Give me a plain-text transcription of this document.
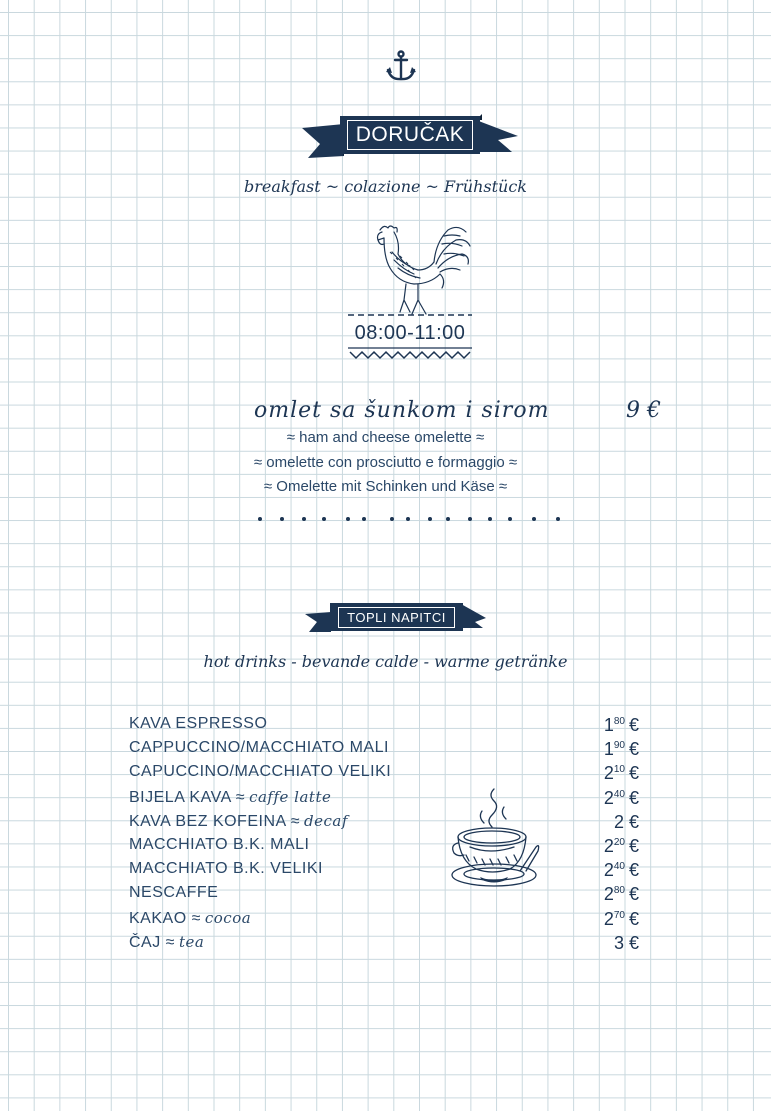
DORUČAK
breakfast ~ colazione ~ Frühstück
08:00-11:00
omlet sa šunkom i sirom	9 €
≈ ham and cheese omelette ≈
≈ omelette con prosciutto e formaggio ≈
≈ Omelette mit Schinken und Käse ≈
TOPLI NAPITCI
hot drinks - bevande calde - warme getränke
KAVA ESPRESSO	$1^{80}$ €
CAPPUCCINO/MACCHIATO MALI	$1^{90}$ €
CAPUCCINO/MACCHIATO VELIKI	$2^{10}$ €
BIJELA KAVA ≈ caffe latte	$2^{40}$ €
KAVA BEZ KOFEINA ≈ decaf	2 €
MACCHIATO B.K. MALI	$2^{20}$ €
MACCHIATO B.K. VELIKI	$2^{40}$ €
NESCAFFE	$2^{80}$ €
KAKAO ≈ cocoa	$2^{70}$ €
ČAJ ≈ tea	3 €
